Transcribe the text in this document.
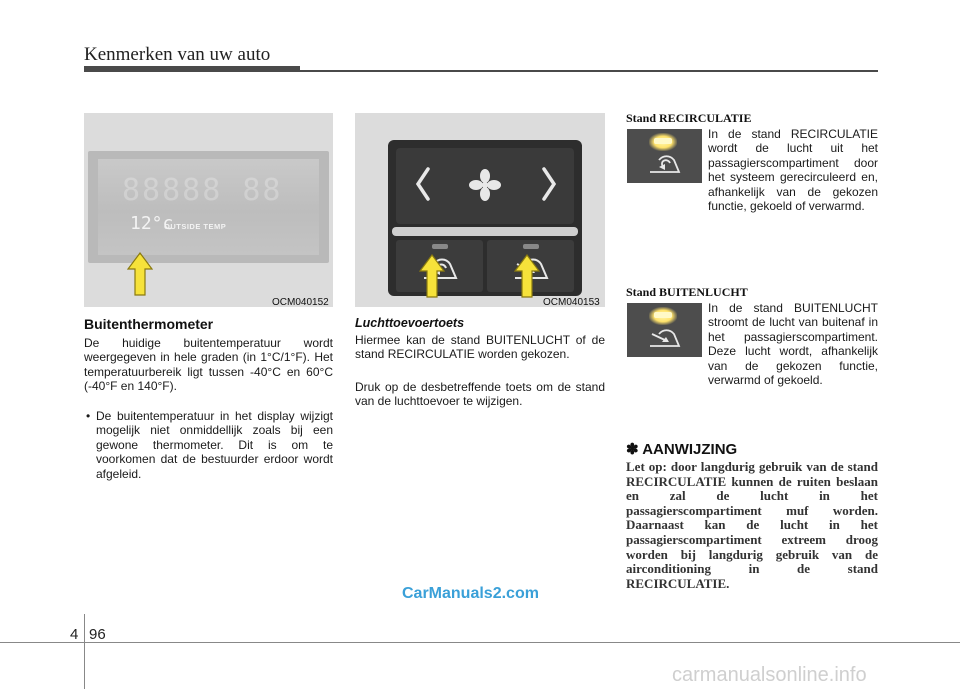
Kenmerken van uw auto
88888 88
12°c
OUTSIDE TEMP
OCM040152
Buitenthermometer
De huidige buitentemperatuur wordt weergegeven in hele graden (in 1°C/1°F). Het temperatuurbereik ligt tussen -40°C en 60°C (-40°F en 140°F).
• De buitentemperatuur in het display wijzigt mogelijk niet onmiddellijk zoals bij een gewone thermometer. Dit is om te voorkomen dat de bestuurder erdoor wordt afgeleid.
OCM040153
Luchttoevoertoets
Hiermee kan de stand BUITENLUCHT of de stand RECIRCULATIE worden gekozen.
Druk op de desbetreffende toets om de stand van de luchttoevoer te wijzigen.
Stand RECIRCULATIE
In de stand RECIRCULATIE wordt de lucht uit het passagierscompartiment door het systeem gerecirculeerd en, afhankelijk van de gekozen functie, gekoeld of verwarmd.
Stand BUITENLUCHT
In de stand BUITENLUCHT stroomt de lucht van buitenaf in het passagierscompartiment. Deze lucht wordt, afhankelijk van de gekozen functie, verwarmd of gekoeld.
✽ AANWIJZING
Let op: door langdurig gebruik van de stand RECIRCULATIE kunnen de ruiten beslaan en zal de lucht in het passagierscompartiment muf worden. Daarnaast kan de lucht in het passagierscompartiment extreem droog worden bij langdurig gebruik van de airconditioning in de stand RECIRCULATIE.
CarManuals2.com
4 96
carmanualsonline.info
